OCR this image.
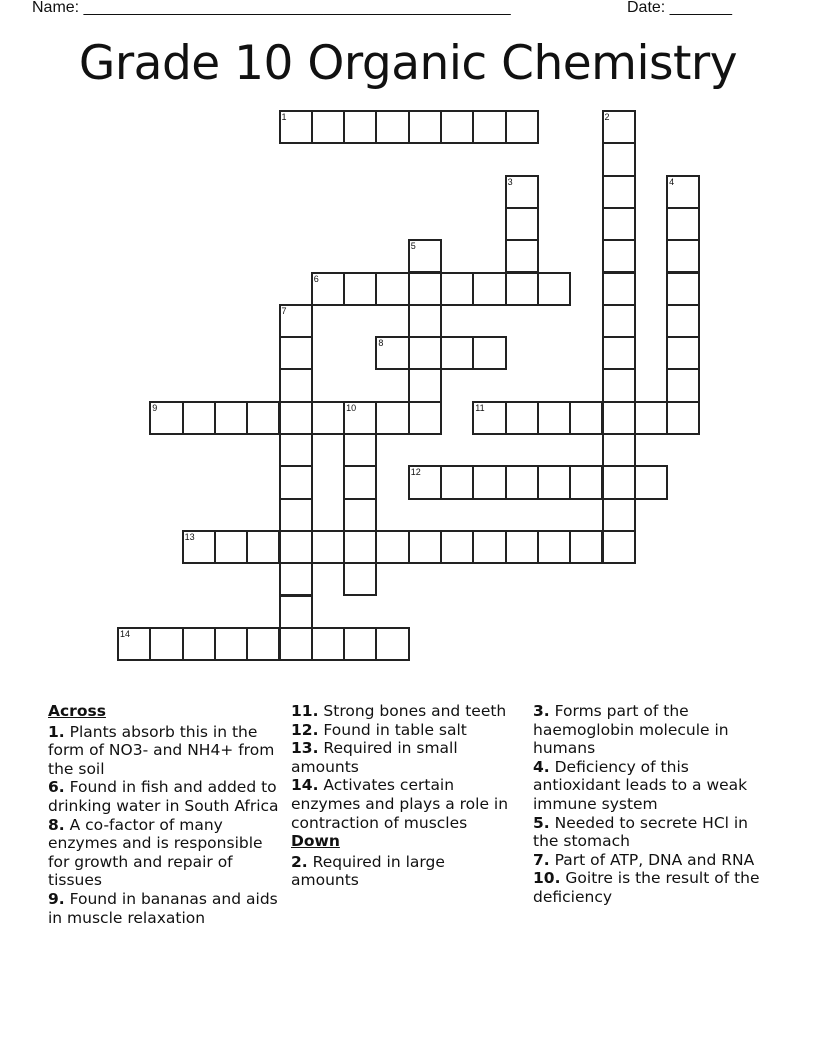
Name: ________________________________________________	Date: _______
Grade 10 Organic Chemistry
1	2
3	4
5
6
7
8
9	10	11
12
13
14
Across

1. Plants absorb this in the form of NO3- and NH4+ from the soil

6. Found in fish and added to drinking water in South Africa

8. A co-factor of many enzymes and is responsible for growth and repair of tissues

9. Found in bananas and aids in muscle relaxation

11. Strong bones and teeth

12. Found in table salt

13. Required in small amounts

14. Activates certain enzymes and plays a role in contraction of muscles

Down

2. Required in large amounts

3. Forms part of the haemoglobin molecule in humans

4. Deficiency of this antioxidant leads to a weak immune system

5. Needed to secrete HCl in the stomach

7. Part of ATP, DNA and RNA

10. Goitre is the result of the deficiency
